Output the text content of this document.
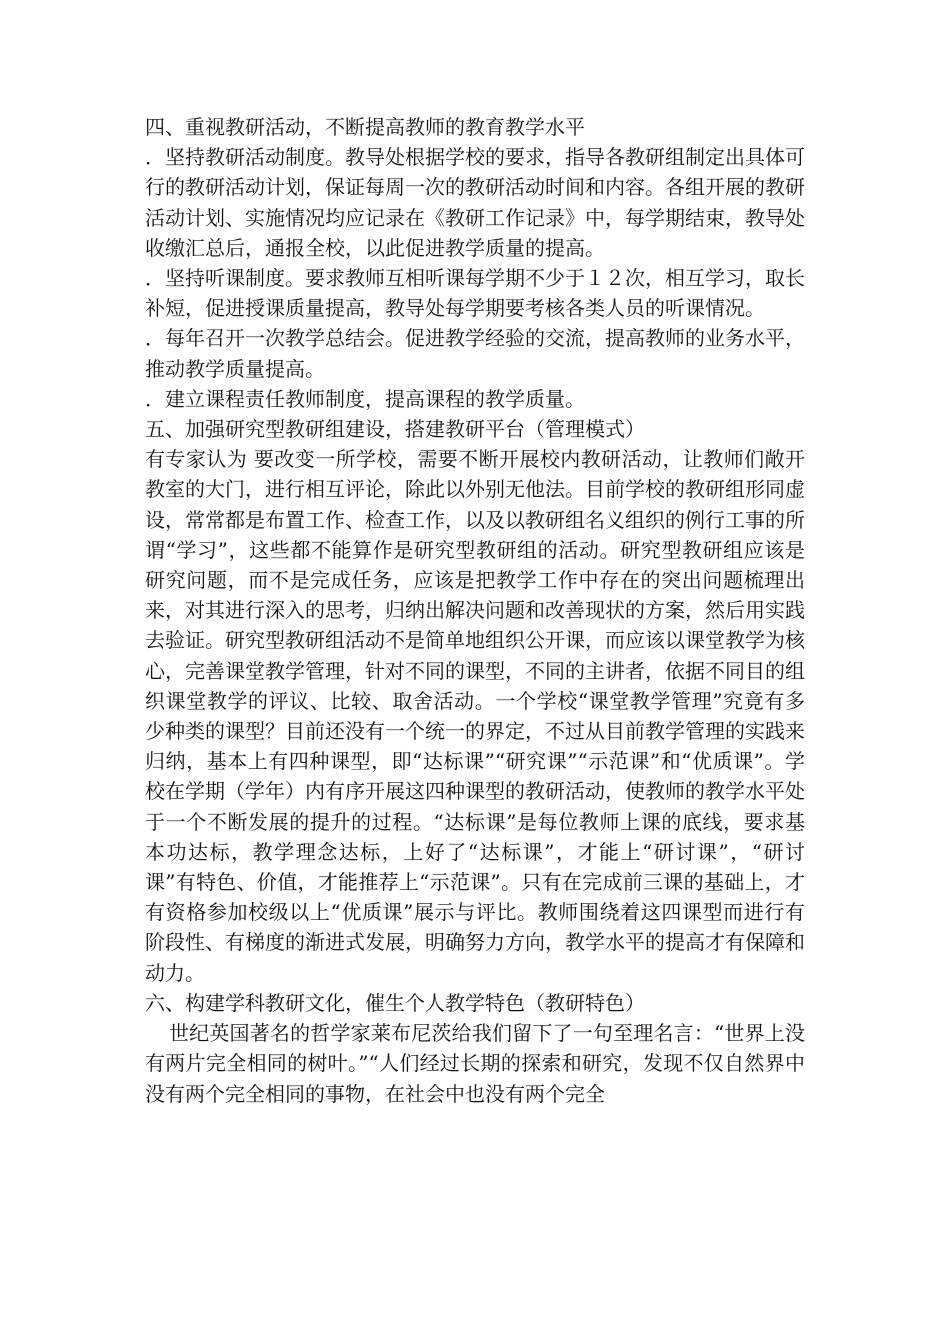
四、重视教研活动，不断提高教师的教育教学水平

．坚持教研活动制度。教导处根据学校的要求，指导各教研组制定出具体可行的教研活动计划，保证每周一次的教研活动时间和内容。各组开展的教研活动计划、实施情况均应记录在《教研工作记录》中，每学期结束，教导处收缴汇总后，通报全校，以此促进教学质量的提高。

．坚持听课制度。要求教师互相听课每学期不少于１２次，相互学习，取长补短，促进授课质量提高，教导处每学期要考核各类人员的听课情况。

．每年召开一次教学总结会。促进教学经验的交流，提高教师的业务水平，推动教学质量提高。

．建立课程责任教师制度，提高课程的教学质量。

五、加强研究型教研组建设，搭建教研平台（管理模式）

有专家认为 要改变一所学校，需要不断开展校内教研活动，让教师们敞开教室的大门，进行相互评论，除此以外别无他法。目前学校的教研组形同虚设，常常都是布置工作、检查工作，以及以教研组名义组织的例行工事的所谓“学习”，这些都不能算作是研究型教研组的活动。研究型教研组应该是研究问题，而不是完成任务，应该是把教学工作中存在的突出问题梳理出来，对其进行深入的思考，归纳出解决问题和改善现状的方案，然后用实践去验证。研究型教研组活动不是简单地组织公开课，而应该以课堂教学为核心，完善课堂教学管理，针对不同的课型，不同的主讲者，依据不同目的组织课堂教学的评议、比较、取舍活动。一个学校“课堂教学管理”究竟有多少种类的课型？目前还没有一个统一的界定，不过从目前教学管理的实践来归纳，基本上有四种课型，即“达标课”“研究课”“示范课”和“优质课”。学校在学期（学年）内有序开展这四种课型的教研活动，使教师的教学水平处于一个不断发展的提升的过程。“达标课”是每位教师上课的底线，要求基本功达标，教学理念达标，上好了“达标课”，才能上“研讨课”，“研讨课”有特色、价值，才能推荐上“示范课”。只有在完成前三课的基础上，才有资格参加校级以上“优质课”展示与评比。教师围绕着这四课型而进行有阶段性、有梯度的渐进式发展，明确努力方向，教学水平的提高才有保障和动力。

六、构建学科教研文化，催生个人教学特色（教研特色）

世纪英国著名的哲学家莱布尼茨给我们留下了一句至理名言：“世界上没有两片完全相同的树叶。”“人们经过长期的探索和研究，发现不仅自然界中没有两个完全相同的事物，在社会中也没有两个完全
